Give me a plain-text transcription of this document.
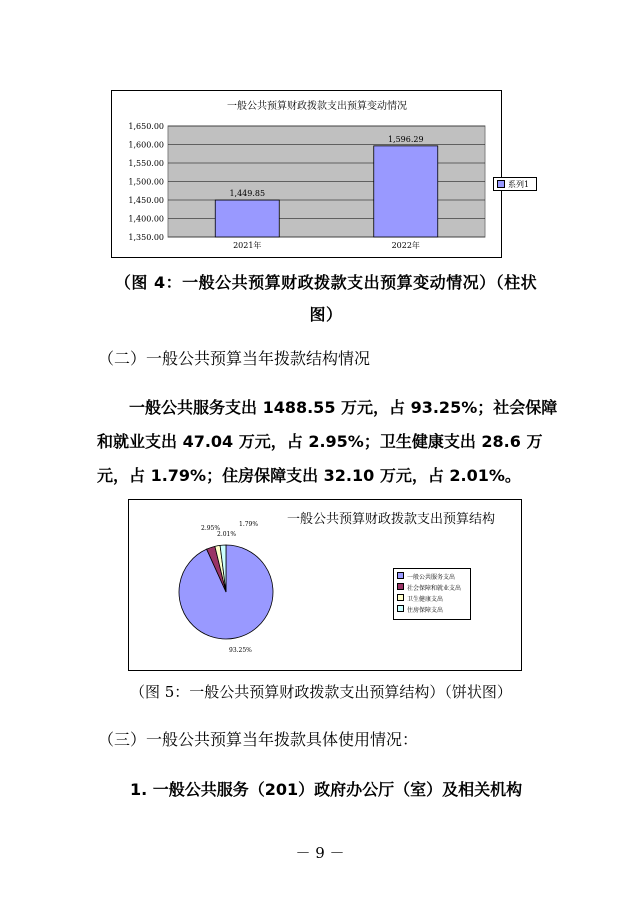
一般公共预算财政拨款支出预算变动情况
1,350.00
1,400.00
1,450.00
1,500.00
1,550.00
1,600.00
1,650.00
1,449.85
1,596.29
2021年	2022年
系列1
（图 4：一般公共预算财政拨款支出预算变动情况）（柱状
图）
（二）一般公共预算当年拨款结构情况
一般公共服务支出 1488.55 万元，占 93.25%；社会保障
和就业支出 47.04 万元，占 2.95%；卫生健康支出 28.6 万
元，占 1.79%；住房保障支出 32.10 万元，占 2.01%。
一般公共预算财政拨款支出预算结构
93.25%
2.95%
2.01%
1.79%
一般公共服务支出
社会保障和就业支出
卫生健康支出
住房保障支出
（图 5：一般公共预算财政拨款支出预算结构）（饼状图）
（三）一般公共预算当年拨款具体使用情况：
1. 一般公共服务（201）政府办公厅（室）及相关机构
－ 9 －
